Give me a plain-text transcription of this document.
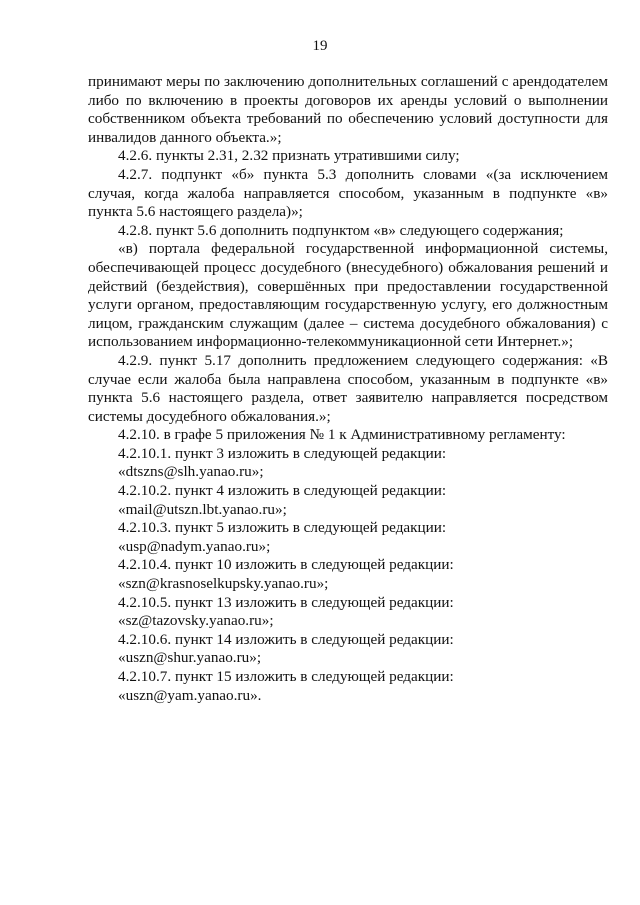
19

принимают меры по заключению дополнительных соглашений с арендодателем либо по включению в проекты договоров их аренды условий о выполнении собственником объекта требований по обеспечению условий доступности для инвалидов данного объекта.»;

4.2.6. пункты 2.31, 2.32 признать утратившими силу;

4.2.7. подпункт «б» пункта 5.3 дополнить словами «(за исключением случая, когда жалоба направляется способом, указанным в подпункте «в» пункта 5.6 настоящего раздела)»;

4.2.8. пункт 5.6 дополнить подпунктом «в» следующего содержания;

«в) портала федеральной государственной информационной системы, обеспечивающей процесс досудебного (внесудебного) обжалования решений и действий (бездействия), совершённых при предоставлении государственной услуги органом, предоставляющим государственную услугу, его должностным лицом, гражданским служащим (далее – система досудебного обжалования) с использованием информационно-телекоммуникационной сети Интернет.»;

4.2.9. пункт 5.17 дополнить предложением следующего содержания: «В случае если жалоба была направлена способом, указанным в подпункте «в» пункта 5.6 настоящего раздела, ответ заявителю направляется посредством системы досудебного обжалования.»;

4.2.10. в графе 5 приложения № 1 к Административному регламенту:

4.2.10.1. пункт 3 изложить в следующей редакции:

«dtszns@slh.yanao.ru»;

4.2.10.2. пункт 4 изложить в следующей редакции:

«mail@utszn.lbt.yanao.ru»;

4.2.10.3. пункт 5 изложить в следующей редакции:

«usp@nadym.yanao.ru»;

4.2.10.4. пункт 10 изложить в следующей редакции:

«szn@krasnoselkupsky.yanao.ru»;

4.2.10.5. пункт 13 изложить в следующей редакции:

«sz@tazovsky.yanao.ru»;

4.2.10.6. пункт 14 изложить в следующей редакции:

«uszn@shur.yanao.ru»;

4.2.10.7. пункт 15 изложить в следующей редакции:

«uszn@yam.yanao.ru».
